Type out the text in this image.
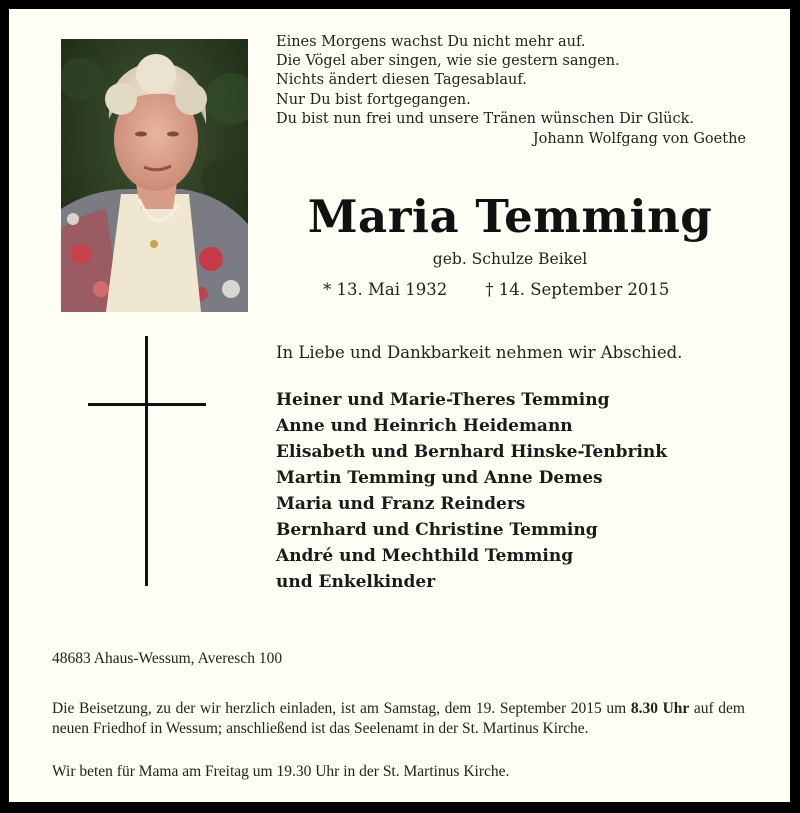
Eines Morgens wachst Du nicht mehr auf.
Die Vögel aber singen, wie sie gestern sangen.
Nichts ändert diesen Tagesablauf.
Nur Du bist fortgegangen.
Du bist nun frei und unsere Tränen wünschen Dir Glück.
Johann Wolfgang von Goethe
Maria Temming
geb. Schulze Beikel
* 13. Mai 1932 † 14. September 2015
In Liebe und Dankbarkeit nehmen wir Abschied.
Heiner und Marie-Theres Temming
Anne und Heinrich Heidemann
Elisabeth und Bernhard Hinske-Tenbrink
Martin Temming und Anne Demes
Maria und Franz Reinders
Bernhard und Christine Temming
André und Mechthild Temming
und Enkelkinder
48683 Ahaus-Wessum, Averesch 100
Die Beisetzung, zu der wir herzlich einladen, ist am Samstag, dem 19. September 2015 um 8.30 Uhr auf dem neuen Friedhof in Wessum; anschließend ist das Seelenamt in der St. Martinus Kirche.
Wir beten für Mama am Freitag um 19.30 Uhr in der St. Martinus Kirche.
